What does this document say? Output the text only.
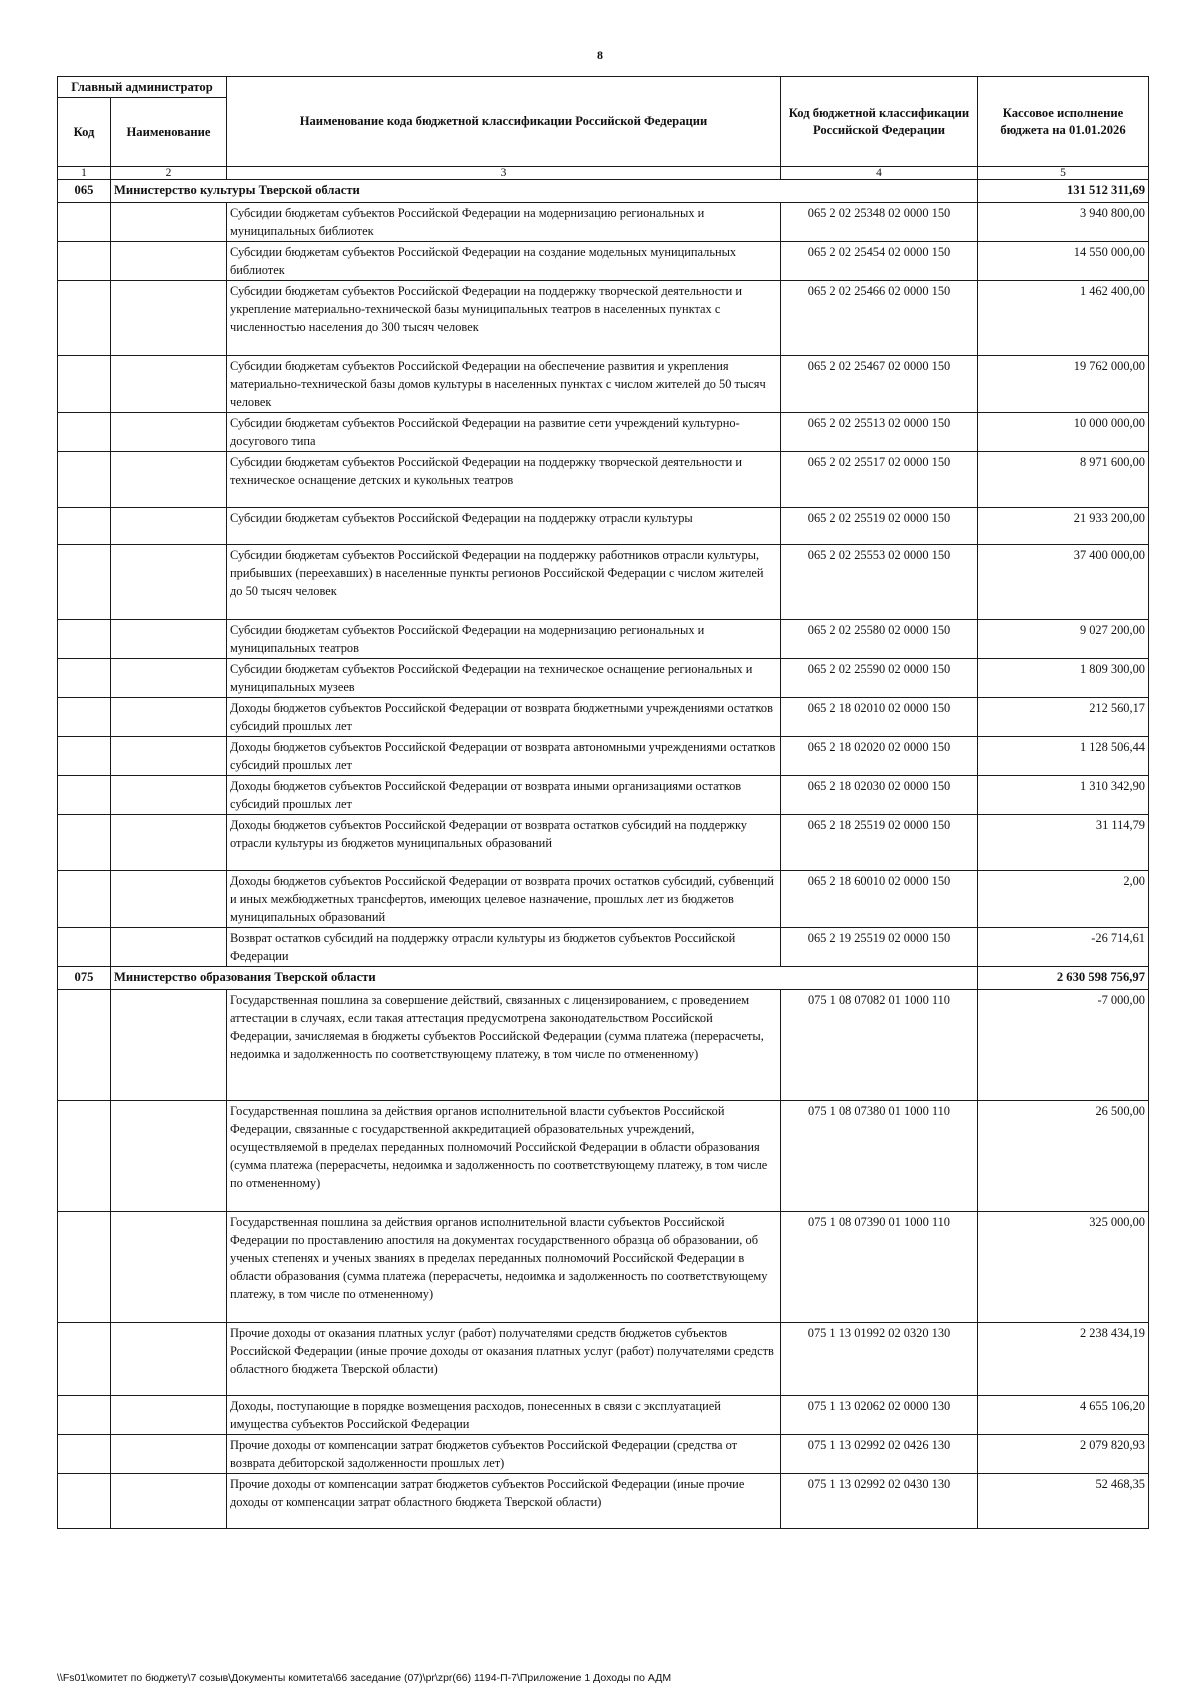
8
Главный администратор		Наименование кода бюджетной классификации Российской Федерации	Код бюджетной классификации Российской Федерации	Кассовое исполнение бюджета на 01.01.2026
Код	Наименование			
1	2	3	4	5
065	Министерство культуры Тверской области			131 512 311,69
		Субсидии бюджетам субъектов Российской Федерации на модернизацию региональных и муниципальных библиотек	065 2 02 25348 02 0000 150	3 940 800,00
		Субсидии бюджетам субъектов Российской Федерации на создание модельных муниципальных библиотек	065 2 02 25454 02 0000 150	14 550 000,00
		Субсидии бюджетам субъектов Российской Федерации на поддержку творческой деятельности и укрепление материально-технической базы муниципальных театров в населенных пунктах с численностью населения до 300 тысяч человек	065 2 02 25466 02 0000 150	1 462 400,00
		Субсидии бюджетам субъектов Российской Федерации на обеспечение развития и укрепления материально-технической базы домов культуры в населенных пунктах с числом жителей до 50 тысяч человек	065 2 02 25467 02 0000 150	19 762 000,00
		Субсидии бюджетам субъектов Российской Федерации на развитие сети учреждений культурно-досугового типа	065 2 02 25513 02 0000 150	10 000 000,00
		Субсидии бюджетам субъектов Российской Федерации на поддержку творческой деятельности и техническое оснащение детских и кукольных театров	065 2 02 25517 02 0000 150	8 971 600,00
		Субсидии бюджетам субъектов Российской Федерации на поддержку отрасли культуры	065 2 02 25519 02 0000 150	21 933 200,00
		Субсидии бюджетам субъектов Российской Федерации на поддержку работников отрасли культуры, прибывших (переехавших) в населенные пункты регионов Российской Федерации с числом жителей до 50 тысяч человек	065 2 02 25553 02 0000 150	37 400 000,00
		Субсидии бюджетам субъектов Российской Федерации на модернизацию региональных и муниципальных театров	065 2 02 25580 02 0000 150	9 027 200,00
		Субсидии бюджетам субъектов Российской Федерации на техническое оснащение региональных и муниципальных музеев	065 2 02 25590 02 0000 150	1 809 300,00
		Доходы бюджетов субъектов Российской Федерации от возврата бюджетными учреждениями остатков субсидий прошлых лет	065 2 18 02010 02 0000 150	212 560,17
		Доходы бюджетов субъектов Российской Федерации от возврата автономными учреждениями остатков субсидий прошлых лет	065 2 18 02020 02 0000 150	1 128 506,44
		Доходы бюджетов субъектов Российской Федерации от возврата иными организациями остатков субсидий прошлых лет	065 2 18 02030 02 0000 150	1 310 342,90
		Доходы бюджетов субъектов Российской Федерации от возврата остатков субсидий на поддержку отрасли культуры из бюджетов муниципальных образований	065 2 18 25519 02 0000 150	31 114,79
		Доходы бюджетов субъектов Российской Федерации от возврата прочих остатков субсидий, субвенций и иных межбюджетных трансфертов, имеющих целевое назначение, прошлых лет из бюджетов муниципальных образований	065 2 18 60010 02 0000 150	2,00
		Возврат остатков субсидий на поддержку отрасли культуры из бюджетов субъектов Российской Федерации	065 2 19 25519 02 0000 150	-26 714,61
075	Министерство образования Тверской области			2 630 598 756,97
		Государственная пошлина за совершение действий, связанных с лицензированием, с проведением аттестации в случаях, если такая аттестация предусмотрена законодательством Российской Федерации, зачисляемая в бюджеты субъектов Российской Федерации (сумма платежа (перерасчеты, недоимка и задолженность по соответствующему платежу, в том числе по отмененному)	075 1 08 07082 01 1000 110	-7 000,00
		Государственная пошлина за действия органов исполнительной власти субъектов Российской Федерации, связанные с государственной аккредитацией образовательных учреждений, осуществляемой в пределах переданных полномочий Российской Федерации в области образования (сумма платежа (перерасчеты, недоимка и задолженность по соответствующему платежу, в том числе по отмененному)	075 1 08 07380 01 1000 110	26 500,00
		Государственная пошлина за действия органов исполнительной власти субъектов Российской Федерации по проставлению апостиля на документах государственного образца об образовании, об ученых степенях и ученых званиях в пределах переданных полномочий Российской Федерации в области образования (сумма платежа (перерасчеты, недоимка и задолженность по соответствующему платежу, в том числе по отмененному)	075 1 08 07390 01 1000 110	325 000,00
		Прочие доходы от оказания платных услуг (работ) получателями средств бюджетов субъектов Российской Федерации (иные прочие доходы от оказания платных услуг (работ) получателями средств областного бюджета Тверской области)	075 1 13 01992 02 0320 130	2 238 434,19
		Доходы, поступающие в порядке возмещения расходов, понесенных в связи с эксплуатацией имущества субъектов Российской Федерации	075 1 13 02062 02 0000 130	4 655 106,20
		Прочие доходы от компенсации затрат бюджетов субъектов Российской Федерации (средства от возврата дебиторской задолженности прошлых лет)	075 1 13 02992 02 0426 130	2 079 820,93
		Прочие доходы от компенсации затрат бюджетов субъектов Российской Федерации (иные прочие доходы от компенсации затрат областного бюджета Тверской области)	075 1 13 02992 02 0430 130	52 468,35
\\Fs01\комитет по бюджету\7 созыв\Документы комитета\66 заседание (07)\pr\zpr(66) 1194-П-7\Приложение 1 Доходы по АДМ
